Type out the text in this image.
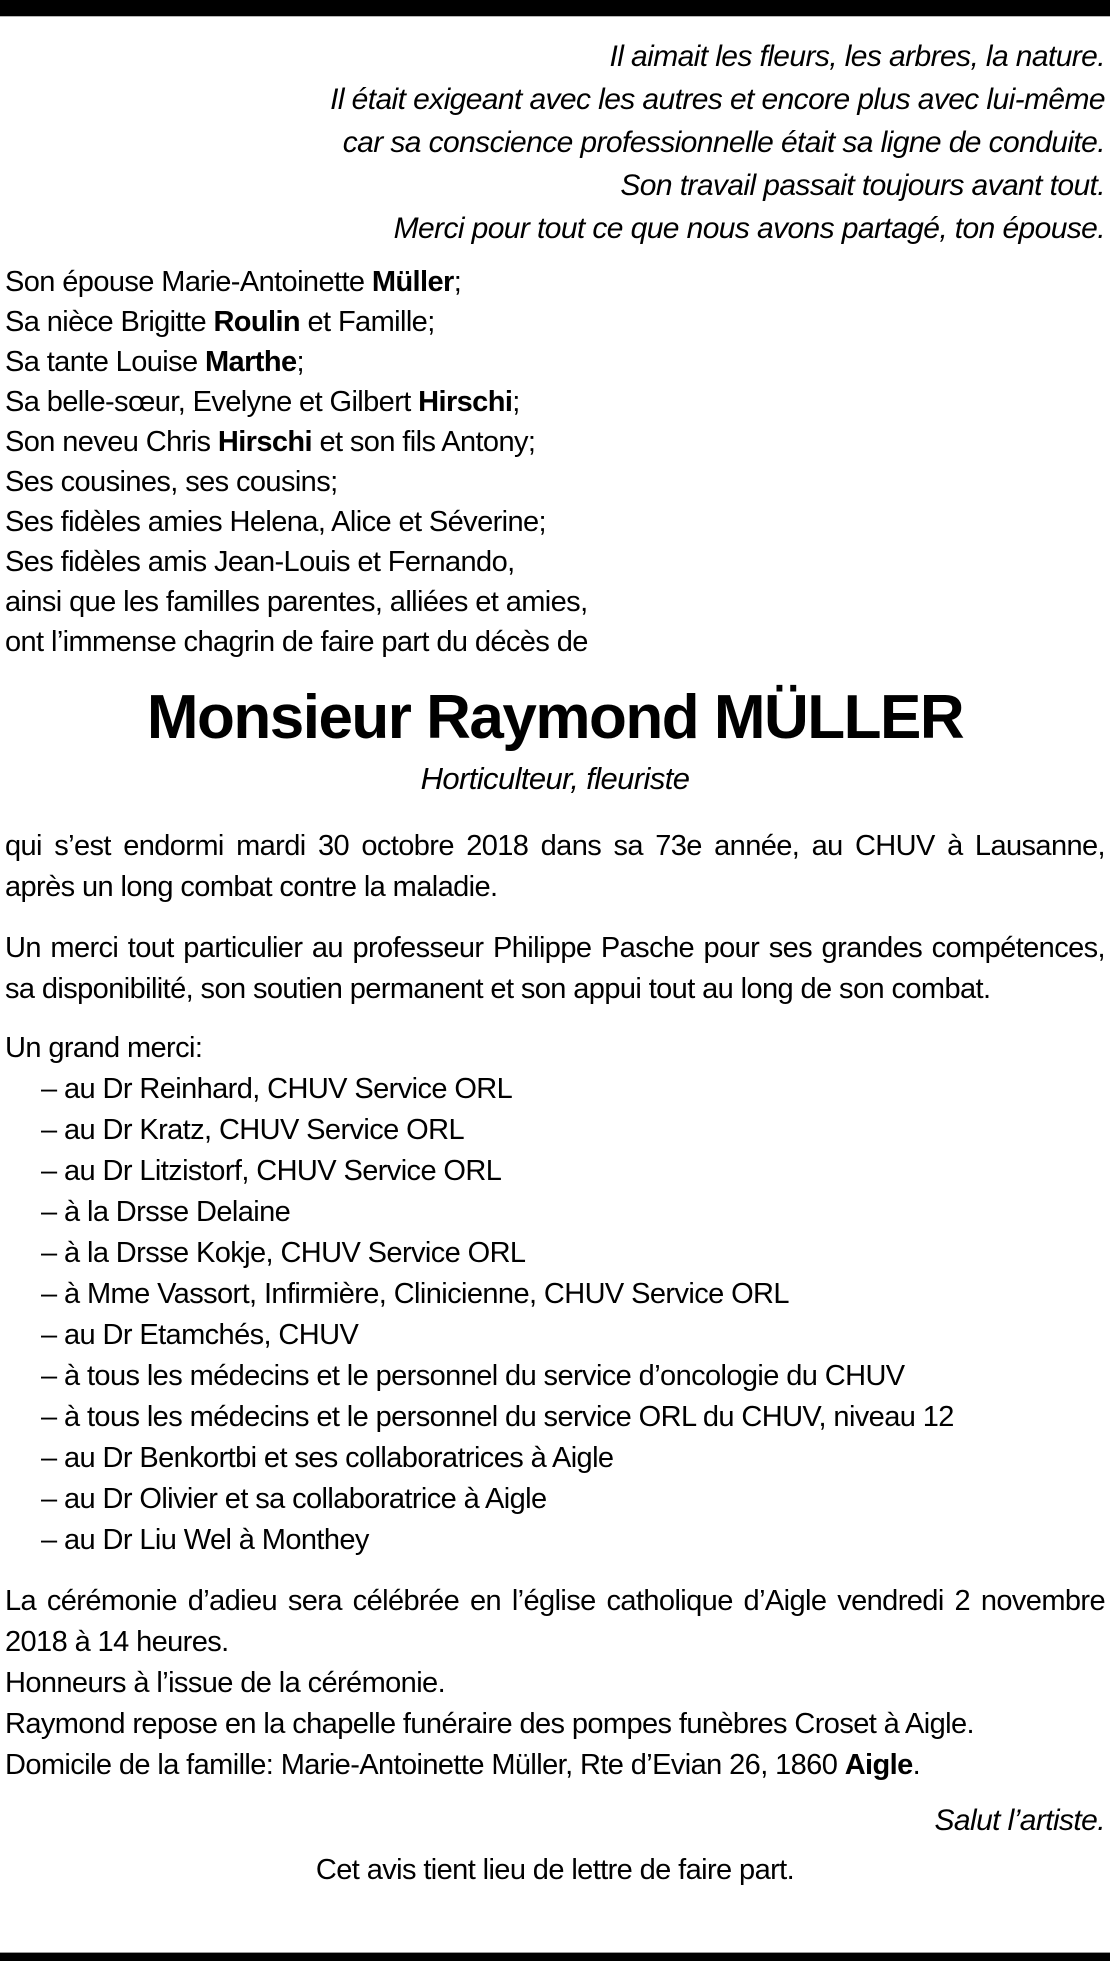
Il aimait les fleurs, les arbres, la nature.
Il était exigeant avec les autres et encore plus avec lui-même
car sa conscience professionnelle était sa ligne de conduite.
Son travail passait toujours avant tout.
Merci pour tout ce que nous avons partagé, ton épouse.
Son épouse Marie-Antoinette Müller;
Sa nièce Brigitte Roulin et Famille;
Sa tante Louise Marthe;
Sa belle-sœur, Evelyne et Gilbert Hirschi;
Son neveu Chris Hirschi et son fils Antony;
Ses cousines, ses cousins;
Ses fidèles amies Helena, Alice et Séverine;
Ses fidèles amis Jean-Louis et Fernando,
ainsi que les familles parentes, alliées et amies,
ont l’immense chagrin de faire part du décès de
Monsieur Raymond MÜLLER
Horticulteur, fleuriste

qui s’est endormi mardi 30 octobre 2018 dans sa 73e année, au CHUV à Lausanne, après un long combat contre la maladie.

Un merci tout particulier au professeur Philippe Pasche pour ses grandes compétences, sa disponibilité, son soutien permanent et son appui tout au long de son combat.

Un grand merci:
– au Dr Reinhard, CHUV Service ORL
– au Dr Kratz, CHUV Service ORL
– au Dr Litzistorf, CHUV Service ORL
– à la Drsse Delaine
– à la Drsse Kokje, CHUV Service ORL
– à Mme Vassort, Infirmière, Clinicienne, CHUV Service ORL
– au Dr Etamchés, CHUV
– à tous les médecins et le personnel du service d’oncologie du CHUV
– à tous les médecins et le personnel du service ORL du CHUV, niveau 12
– au Dr Benkortbi et ses collaboratrices à Aigle
– au Dr Olivier et sa collaboratrice à Aigle
– au Dr Liu Wel à Monthey

La cérémonie d’adieu sera célébrée en l’église catholique d’Aigle vendredi 2 novembre 2018 à 14 heures.

Honneurs à l’issue de la cérémonie.

Raymond repose en la chapelle funéraire des pompes funèbres Croset à Aigle.

Domicile de la famille: Marie-Antoinette Müller, Rte d’Evian 26, 1860 Aigle.

Salut l’artiste.
Cet avis tient lieu de lettre de faire part.
